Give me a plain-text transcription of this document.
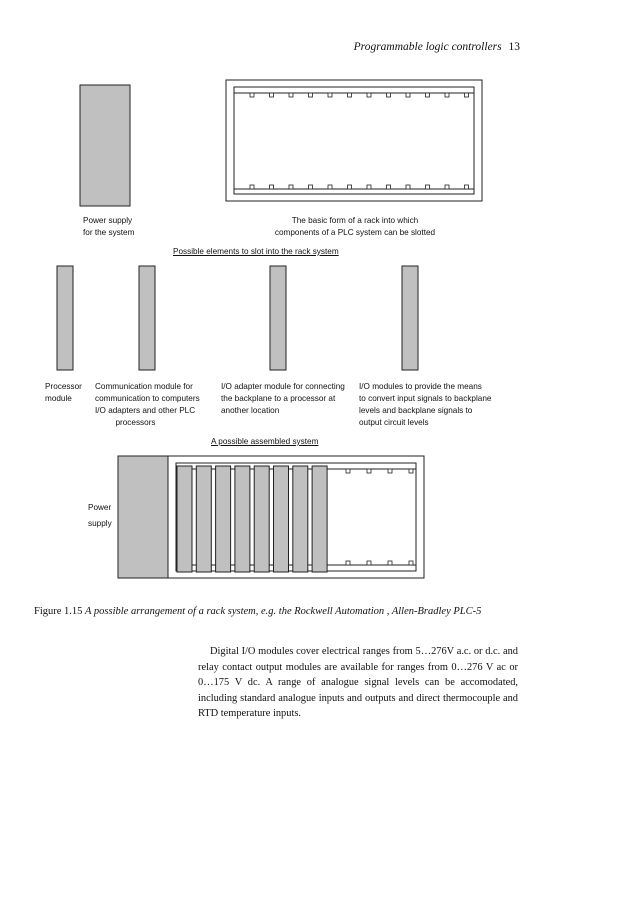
Programmable logic controllers 13
Power supply
for the system
The basic form of a rack into which
components of a PLC system can be slotted
Possible elements to slot into the rack system
Processor
module
Communication module for
communication to computers
I/O adapters and other PLC
processors
I/O adapter module for connecting
the backplane to a processor at
another location
I/O modules to provide the means
to convert input signals to backplane
levels and backplane signals to
output circuit levels
A possible assembled system
Power
supply
Figure 1.15 A possible arrangement of a rack system, e.g. the Rockwell Automation , Allen-Bradley PLC-5

Digital I/O modules cover electrical ranges from 5…276V a.c. or d.c. and relay contact output modules are available for ranges from 0…276 V ac or 0…175 V dc. A range of analogue signal levels can be accomodated, including standard analogue inputs and outputs and direct thermocouple and RTD temperature inputs.
